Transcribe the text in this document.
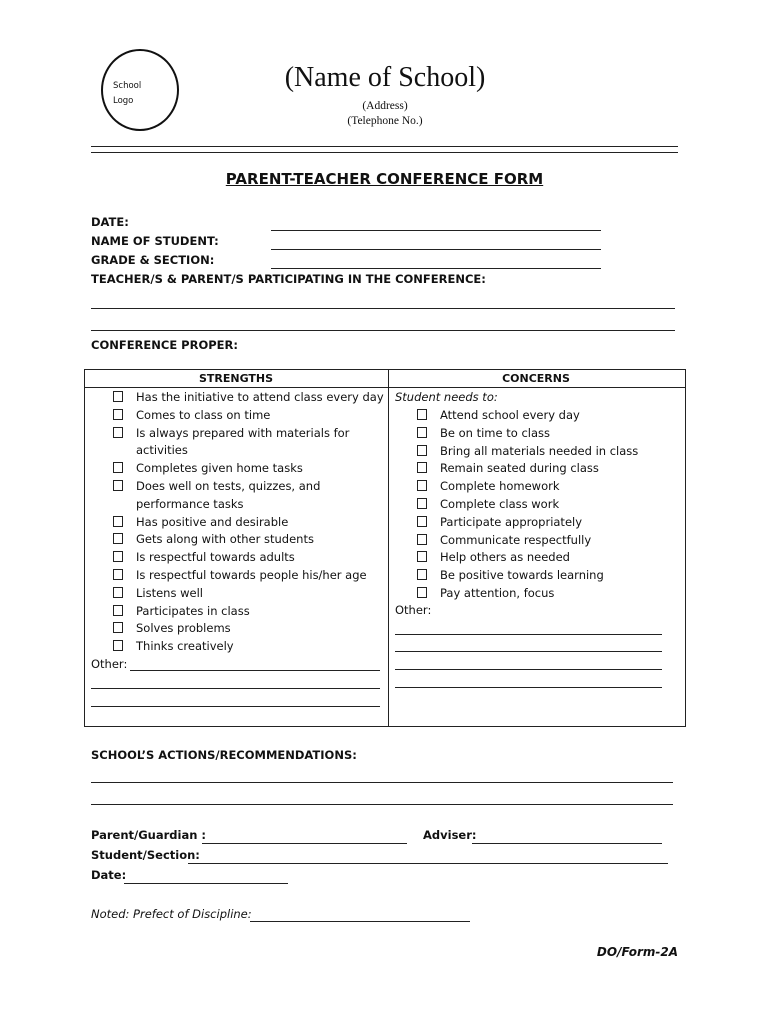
School
Logo
(Name of School)
(Address)
(Telephone No.)
PARENT-TEACHER CONFERENCE FORM
DATE:
NAME OF STUDENT:
GRADE & SECTION:
TEACHER/S & PARENT/S PARTICIPATING IN THE CONFERENCE:
CONFERENCE PROPER:
STRENGTHS	CONCERNS
Has the initiative to attend class every day
Comes to class on time
Is always prepared with materials for
activities
Completes given home tasks
Does well on tests, quizzes, and
performance tasks
Has positive and desirable
Gets along with other students
Is respectful towards adults
Is respectful towards people his/her age
Listens well
Participates in class
Solves problems
Thinks creatively
Other:
Student needs to:
Attend school every day
Be on time to class
Bring all materials needed in class
Remain seated during class
Complete homework
Complete class work
Participate appropriately
Communicate respectfully
Help others as needed
Be positive towards learning
Pay attention, focus
Other:
SCHOOL’S ACTIONS/RECOMMENDATIONS:
Parent/Guardian :	Adviser:
Student/Section:
Date:
Noted: Prefect of Discipline:
DO/Form-2A
